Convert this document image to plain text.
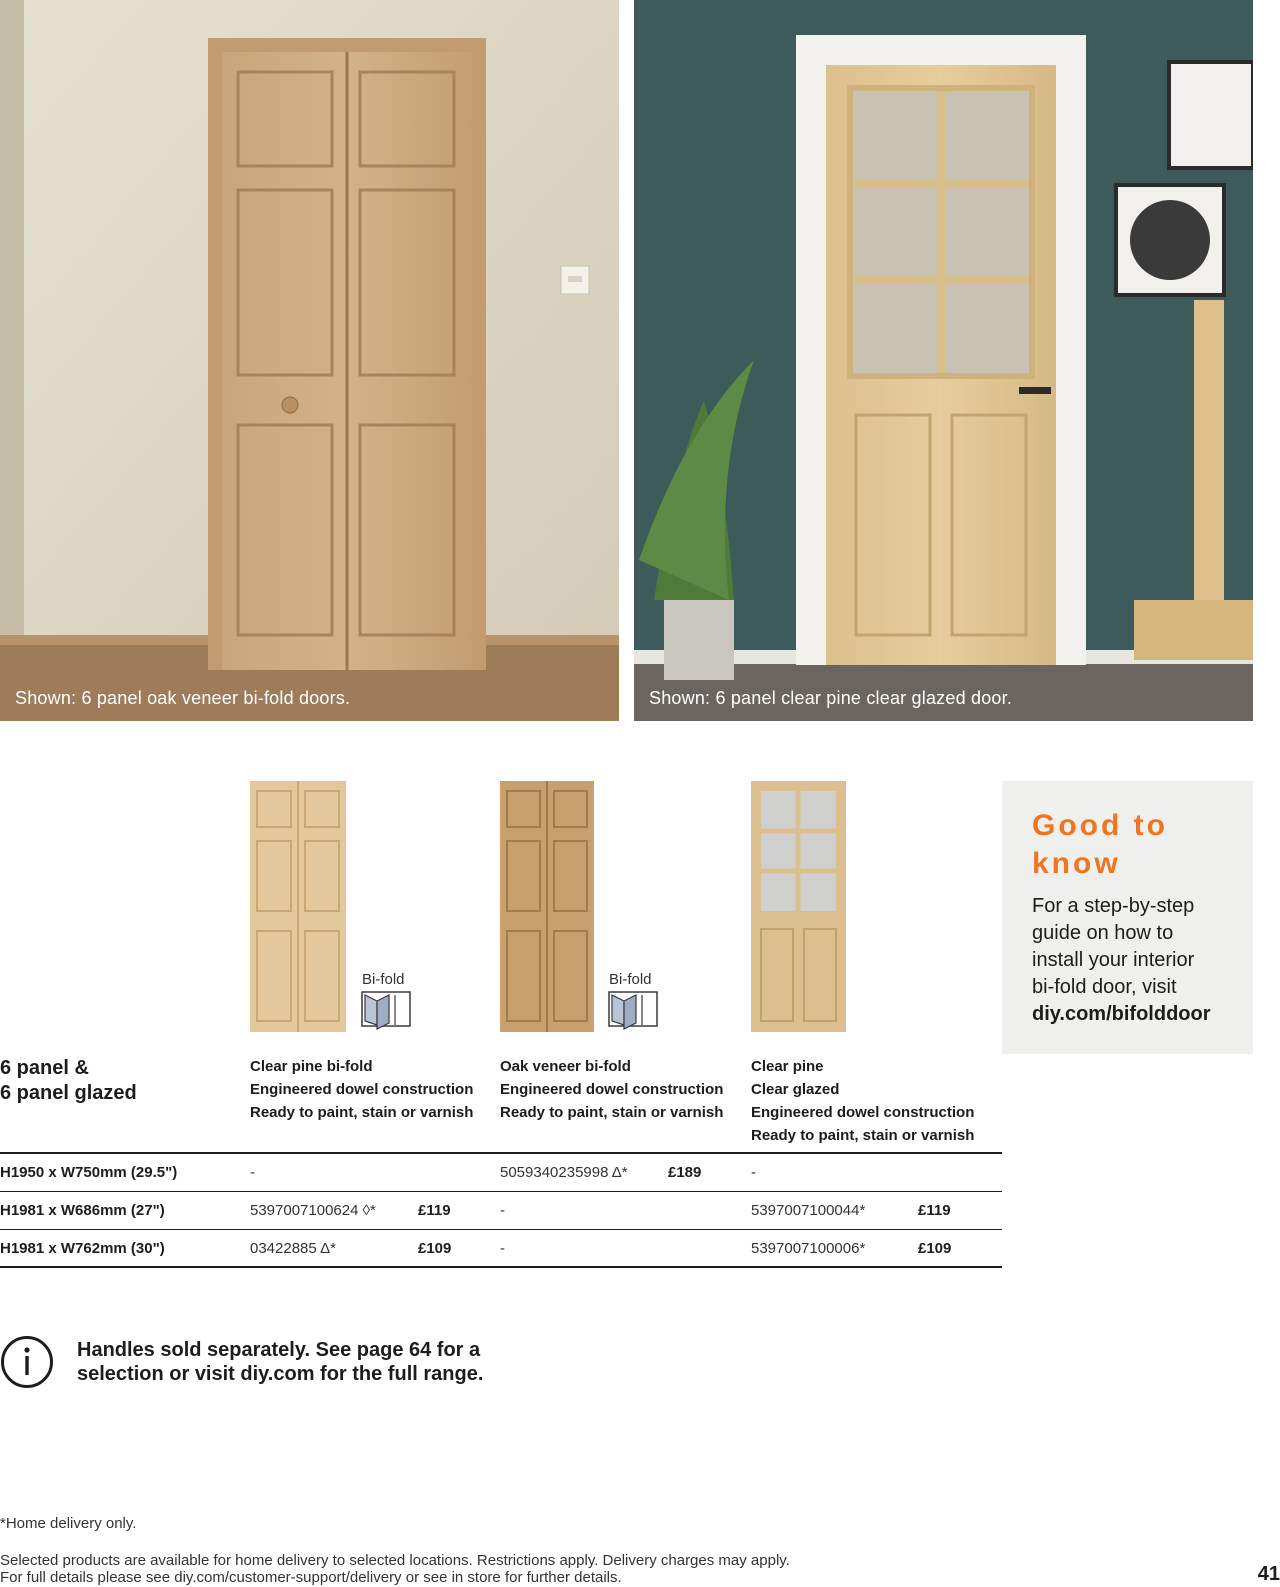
Shown: 6 panel oak veneer bi-fold doors.	Shown: 6 panel clear pine clear glazed door.
Bi-fold	Bi-fold
Good to know
For a step-by-step
guide on how to
install your interior
bi-fold door, visit
diy.com/bifolddoor
6 panel &
6 panel glazed
Clear pine bi-fold
Engineered dowel construction
Ready to paint, stain or varnish
Oak veneer bi-fold
Engineered dowel construction
Ready to paint, stain or varnish
Clear pine
Clear glazed
Engineered dowel construction
Ready to paint, stain or varnish
H1950 x W750mm (29.5")	-	5059340235998 Δ*	£189	-
H1981 x W686mm (27")	5397007100624 ◊*	£119	-	5397007100044*	£119
H1981 x W762mm (30")	03422885 Δ*	£109	-	5397007100006*	£109
Handles sold separately. See page 64 for a
selection or visit diy.com for the full range.
*Home delivery only.
Selected products are available for home delivery to selected locations. Restrictions apply. Delivery charges may apply.
For full details please see diy.com/customer-support/delivery or see in store for further details.	41
